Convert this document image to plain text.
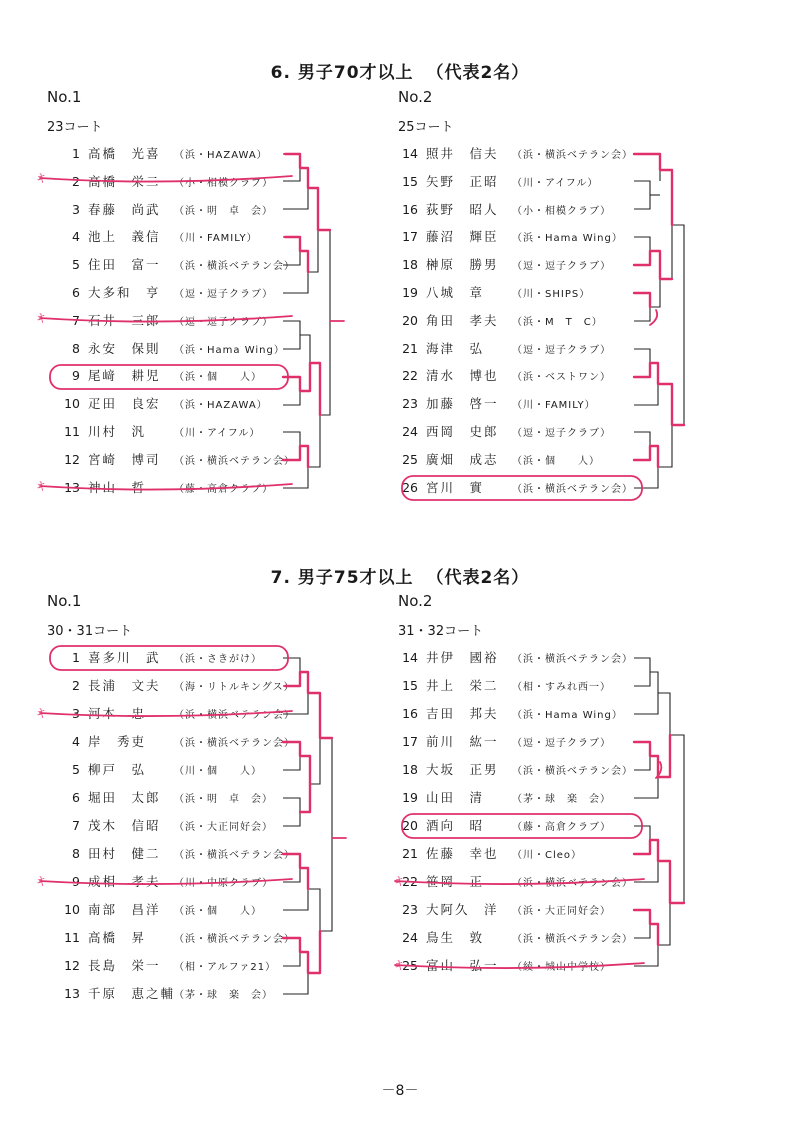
6. 男子70才以上 （代表2名）
7. 男子75才以上 （代表2名）
No.1
23コート
No.2
25コート
No.1
30・31コート
No.2
31・32コート
1 高橋　光喜 （浜・HAZAWA）
2 高橋　栄二 （小・相模クラブ）
3 春藤　尚武 （浜・明　卓　会）
4 池上　義信 （川・FAMILY）
5 住田　富一 （浜・横浜ベテラン会）
6 大多和　亨 （逗・逗子クラブ）
7 石井　三郎 （逗・逗子クラブ）
8 永安　保則 （浜・Hama Wing）
9 尾﨑　耕児 （浜・個　　人）
10 疋田　良宏 （浜・HAZAWA）
11 川村　汎	（川・アイフル）
12 宮崎　博司 （浜・横浜ベテラン会）
13 神山　哲	（藤・高倉クラブ）
14 照井　信夫 （浜・横浜ベテラン会）
15 矢野　正昭 （川・アイフル）
16 荻野　昭人 （小・相模クラブ）
17 藤沼　輝臣 （浜・Hama Wing）
18 榊原　勝男 （逗・逗子クラブ）
19 八城　章	（川・SHIPS）
20 角田　孝夫 （浜・M　T　C）
21 海津　弘	（逗・逗子クラブ）
22 清水　博也 （浜・ベストワン）
23 加藤　啓一 （川・FAMILY）
24 西岡　史郎 （逗・逗子クラブ）
25 廣畑　成志 （浜・個　　人）
26 宮川　實	（浜・横浜ベテラン会）
1 喜多川　武 （浜・さきがけ）
2 長浦　文夫 （海・リトルキングス）
3 河本　忠	（浜・横浜ベテラン会）
4 岸　秀吏	（浜・横浜ベテラン会）
5 柳戸　弘	（川・個　　人）
6 堀田　太郎 （浜・明　卓　会）
7 茂木　信昭 （浜・大正同好会）
8 田村　健二 （浜・横浜ベテラン会）
9 成相　孝夫 （川・中原クラブ）
10 南部　昌洋 （浜・個　　人）
11 高橋　昇	（浜・横浜ベテラン会）
12 長島　栄一 （相・アルファ21）
13 千原　恵之輔（茅・球　楽　会）
14 井伊　國裕 （浜・横浜ベテラン会）
15 井上　栄二 （相・すみれ西一）
16 吉田　邦夫 （浜・Hama Wing）
17 前川　紘一 （逗・逗子クラブ）
18 大坂　正男 （浜・横浜ベテラン会）
19 山田　清	（茅・球　楽　会）
20 酒向　昭	（藤・高倉クラブ）
21 佐藤　幸也 （川・Cleo）
22 笹岡　正	（浜・横浜ベテラン会）
23 大阿久　洋 （浜・大正同好会）
24 鳥生　敦	（浜・横浜ベテラン会）
25 富山　弘一 （綾・城山中学校）
キ
キ
キ
キ
キ	キ
キ
－8－
